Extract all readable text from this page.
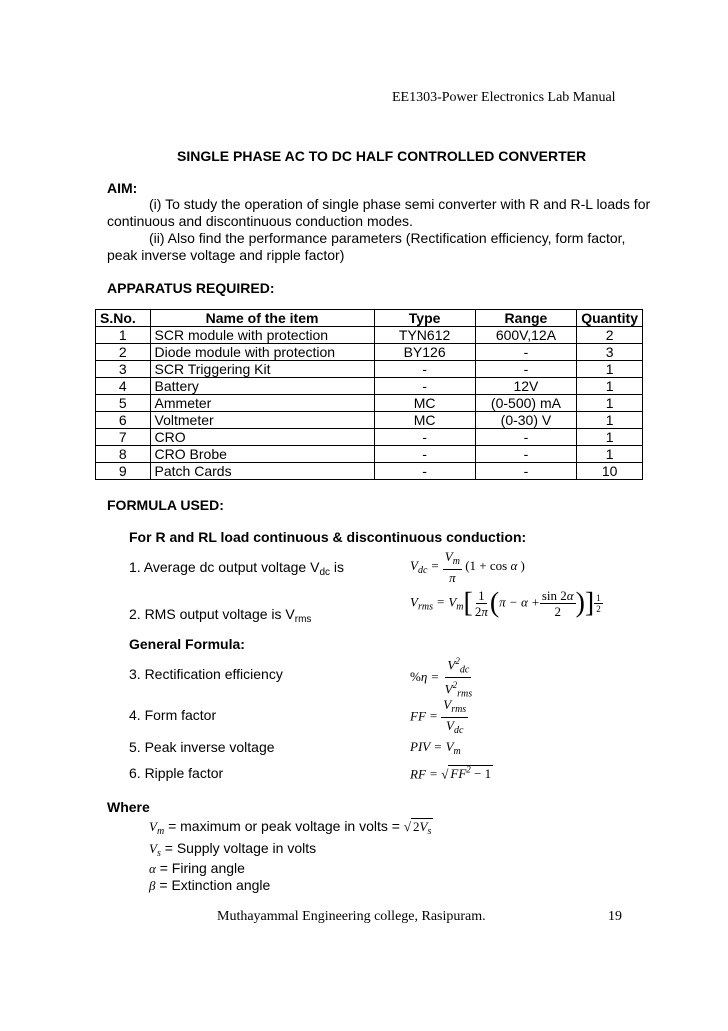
EE1303-Power Electronics Lab Manual
SINGLE PHASE AC TO DC HALF CONTROLLED CONVERTER
AIM:
(i) To study the operation of single phase semi converter with R and R-L loads for
continuous and discontinuous conduction modes.
(ii) Also find the performance parameters (Rectification efficiency, form factor,
peak inverse voltage and ripple factor)
APPARATUS REQUIRED:
S.No.	Name of the item	Type	Range	Quantity
1	SCR module with protection	TYN612	600V,12A	2
2	Diode module with protection	BY126	-	3
3	SCR Triggering Kit	-	-	1
4	Battery	-	12V	1
5	Ammeter	MC	(0-500) mA	1
6	Voltmeter	MC	(0-30) V	1
7	CRO	-	-	1
8	CRO Brobe	-	-	1
9	Patch Cards	-	-	10
FORMULA USED:
For R and RL load continuous & discontinuous conduction:
1. Average dc output voltage $V_{dc}$ is	$V_{dc} = \frac{V_m}{\pi} (1 + \cos \alpha$ )
2. RMS output voltage is $V_{rms}$
$V_{rms} = V_m[ \frac{1}{2\pi} (\pi - \alpha + \frac{\sin 2\alpha}{2}$ )] $\frac{1}{2}$
General Formula:
3. Rectification efficiency	$\%\eta = \frac{V^2_{dc}}{V^2_{rms}}$
4. Form factor	FF = $\frac{V_{rms}}{V_{dc}}$
5. Peak inverse voltage	PIV = $V_m$
6. Ripple factor	RF = √ $FF^2 - 1$
Where
$V_m$ = maximum or peak voltage in volts = √ $2V_s$
$V_s$ = Supply voltage in volts
α = Firing angle
β = Extinction angle
Muthayammal Engineering college, Rasipuram.	19
